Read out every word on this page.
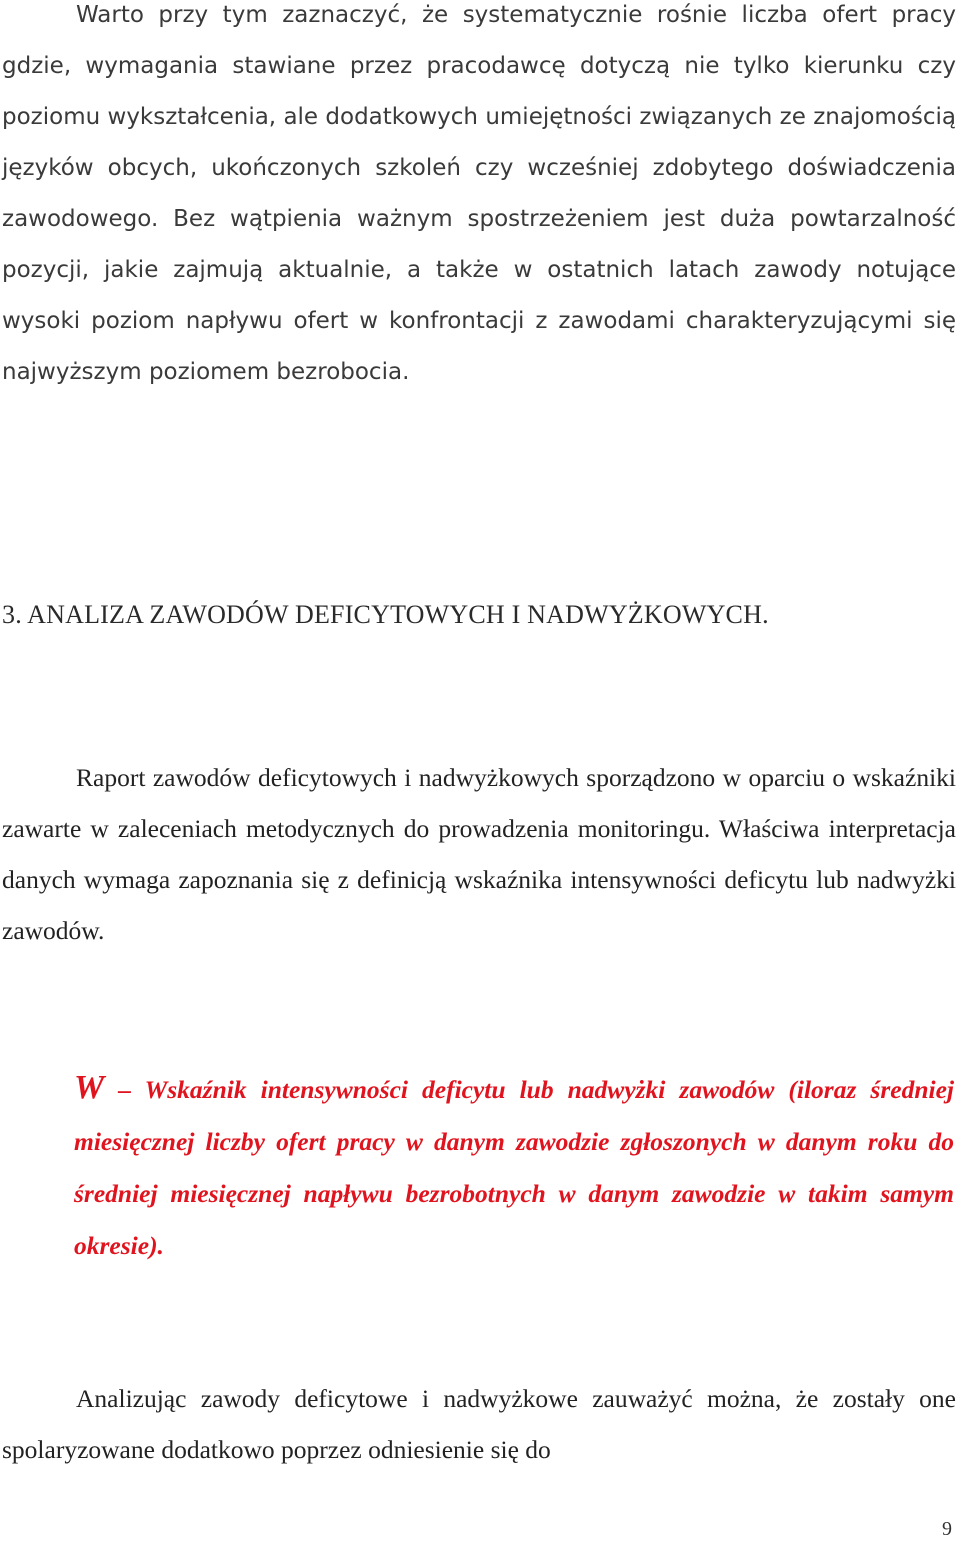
Warto przy tym zaznaczyć, że systematycznie rośnie liczba ofert pracy gdzie, wymagania stawiane przez pracodawcę dotyczą nie tylko kierunku czy poziomu wykształcenia, ale dodatkowych umiejętności związanych ze znajomością języków obcych, ukończonych szkoleń czy wcześniej zdobytego doświadczenia zawodowego. Bez wątpienia ważnym spostrzeżeniem jest duża powtarzalność pozycji, jakie zajmują aktualnie, a także w ostatnich latach zawody notujące wysoki poziom napływu ofert w konfrontacji z zawodami charakteryzującymi się najwyższym poziomem bezrobocia.

3. ANALIZA ZAWODÓW DEFICYTOWYCH I NADWYŻKOWYCH.

Raport zawodów deficytowych i nadwyżkowych sporządzono w oparciu o wskaźniki zawarte w zaleceniach metodycznych do prowadzenia monitoringu. Właściwa interpretacja danych wymaga zapoznania się z definicją wskaźnika intensywności deficytu lub nadwyżki zawodów.

W – Wskaźnik intensywności deficytu lub nadwyżki zawodów (iloraz średniej miesięcznej liczby ofert pracy w danym zawodzie zgłoszonych w danym roku do średniej miesięcznej napływu bezrobotnych w danym zawodzie w takim samym okresie).

Analizując zawody deficytowe i nadwyżkowe zauważyć można, że zostały one spolaryzowane dodatkowo poprzez odniesienie się do

9
